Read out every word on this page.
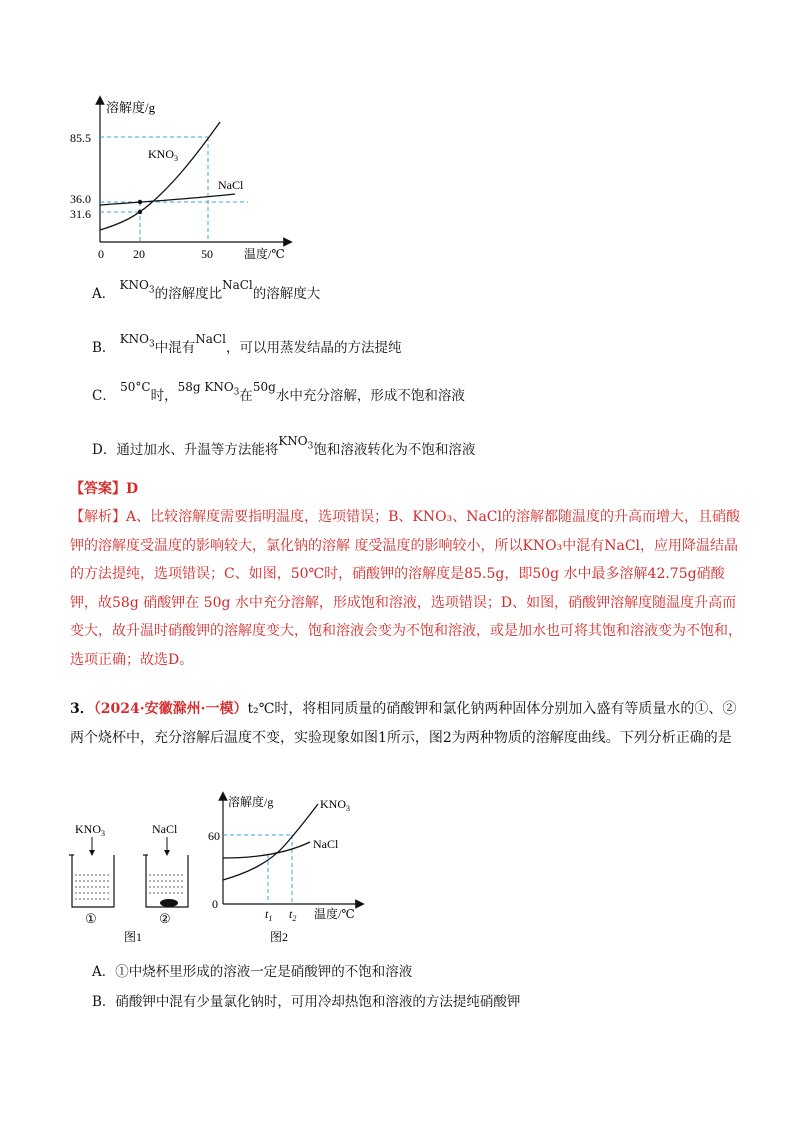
溶解度/g
85.5
36.0
31.6
0 20	50	温度/℃
$KNO_3$
NaCl
A． $KNO_3$的溶解度比NaCl的溶解度大
B． $KNO_3$中混有NaCl，可以用蒸发结晶的方法提纯
C． 50°C时，58g $KNO_3$在50g水中充分溶解，形成不饱和溶液
D．通过加水、升温等方法能将$KNO_3$饱和溶液转化为不饱和溶液
【答案】D
【解析】A、比较溶解度需要指明温度，选项错误；B、KNO₃、NaCl的溶解都随温度的升高而增大，且硝酸钾的溶解度受温度的影响较大，氯化钠的溶解 度受温度的影响较小，所以KNO₃中混有NaCl，应用降温结晶的方法提纯，选项错误；C、如图，50℃时，硝酸钾的溶解度是85.5g，即50g 水中最多溶解42.75g硝酸钾，故58g 硝酸钾在 50g 水中充分溶解，形成饱和溶液，选项错误；D、如图，硝酸钾溶解度随温度升高而变大，故升温时硝酸钾的溶解度变大，饱和溶液会变为不饱和溶液，或是加水也可将其饱和溶液变为不饱和，选项正确；故选D。
3．（2024·安徽滁州·一模）t₂℃时，将相同质量的硝酸钾和氯化钠两种固体分别加入盛有等质量水的①、②两个烧杯中，充分溶解后温度不变，实验现象如图1所示，图2为两种物质的溶解度曲线。下列分析正确的是
$KNO_3$	NaCl
①	②
图1
溶解度/g
60
0
$KNO_3$
NaCl
$t_1$ $t_2$ 温度/℃
图2
A．①中烧杯里形成的溶液一定是硝酸钾的不饱和溶液
B．硝酸钾中混有少量氯化钠时，可用冷却热饱和溶液的方法提纯硝酸钾
